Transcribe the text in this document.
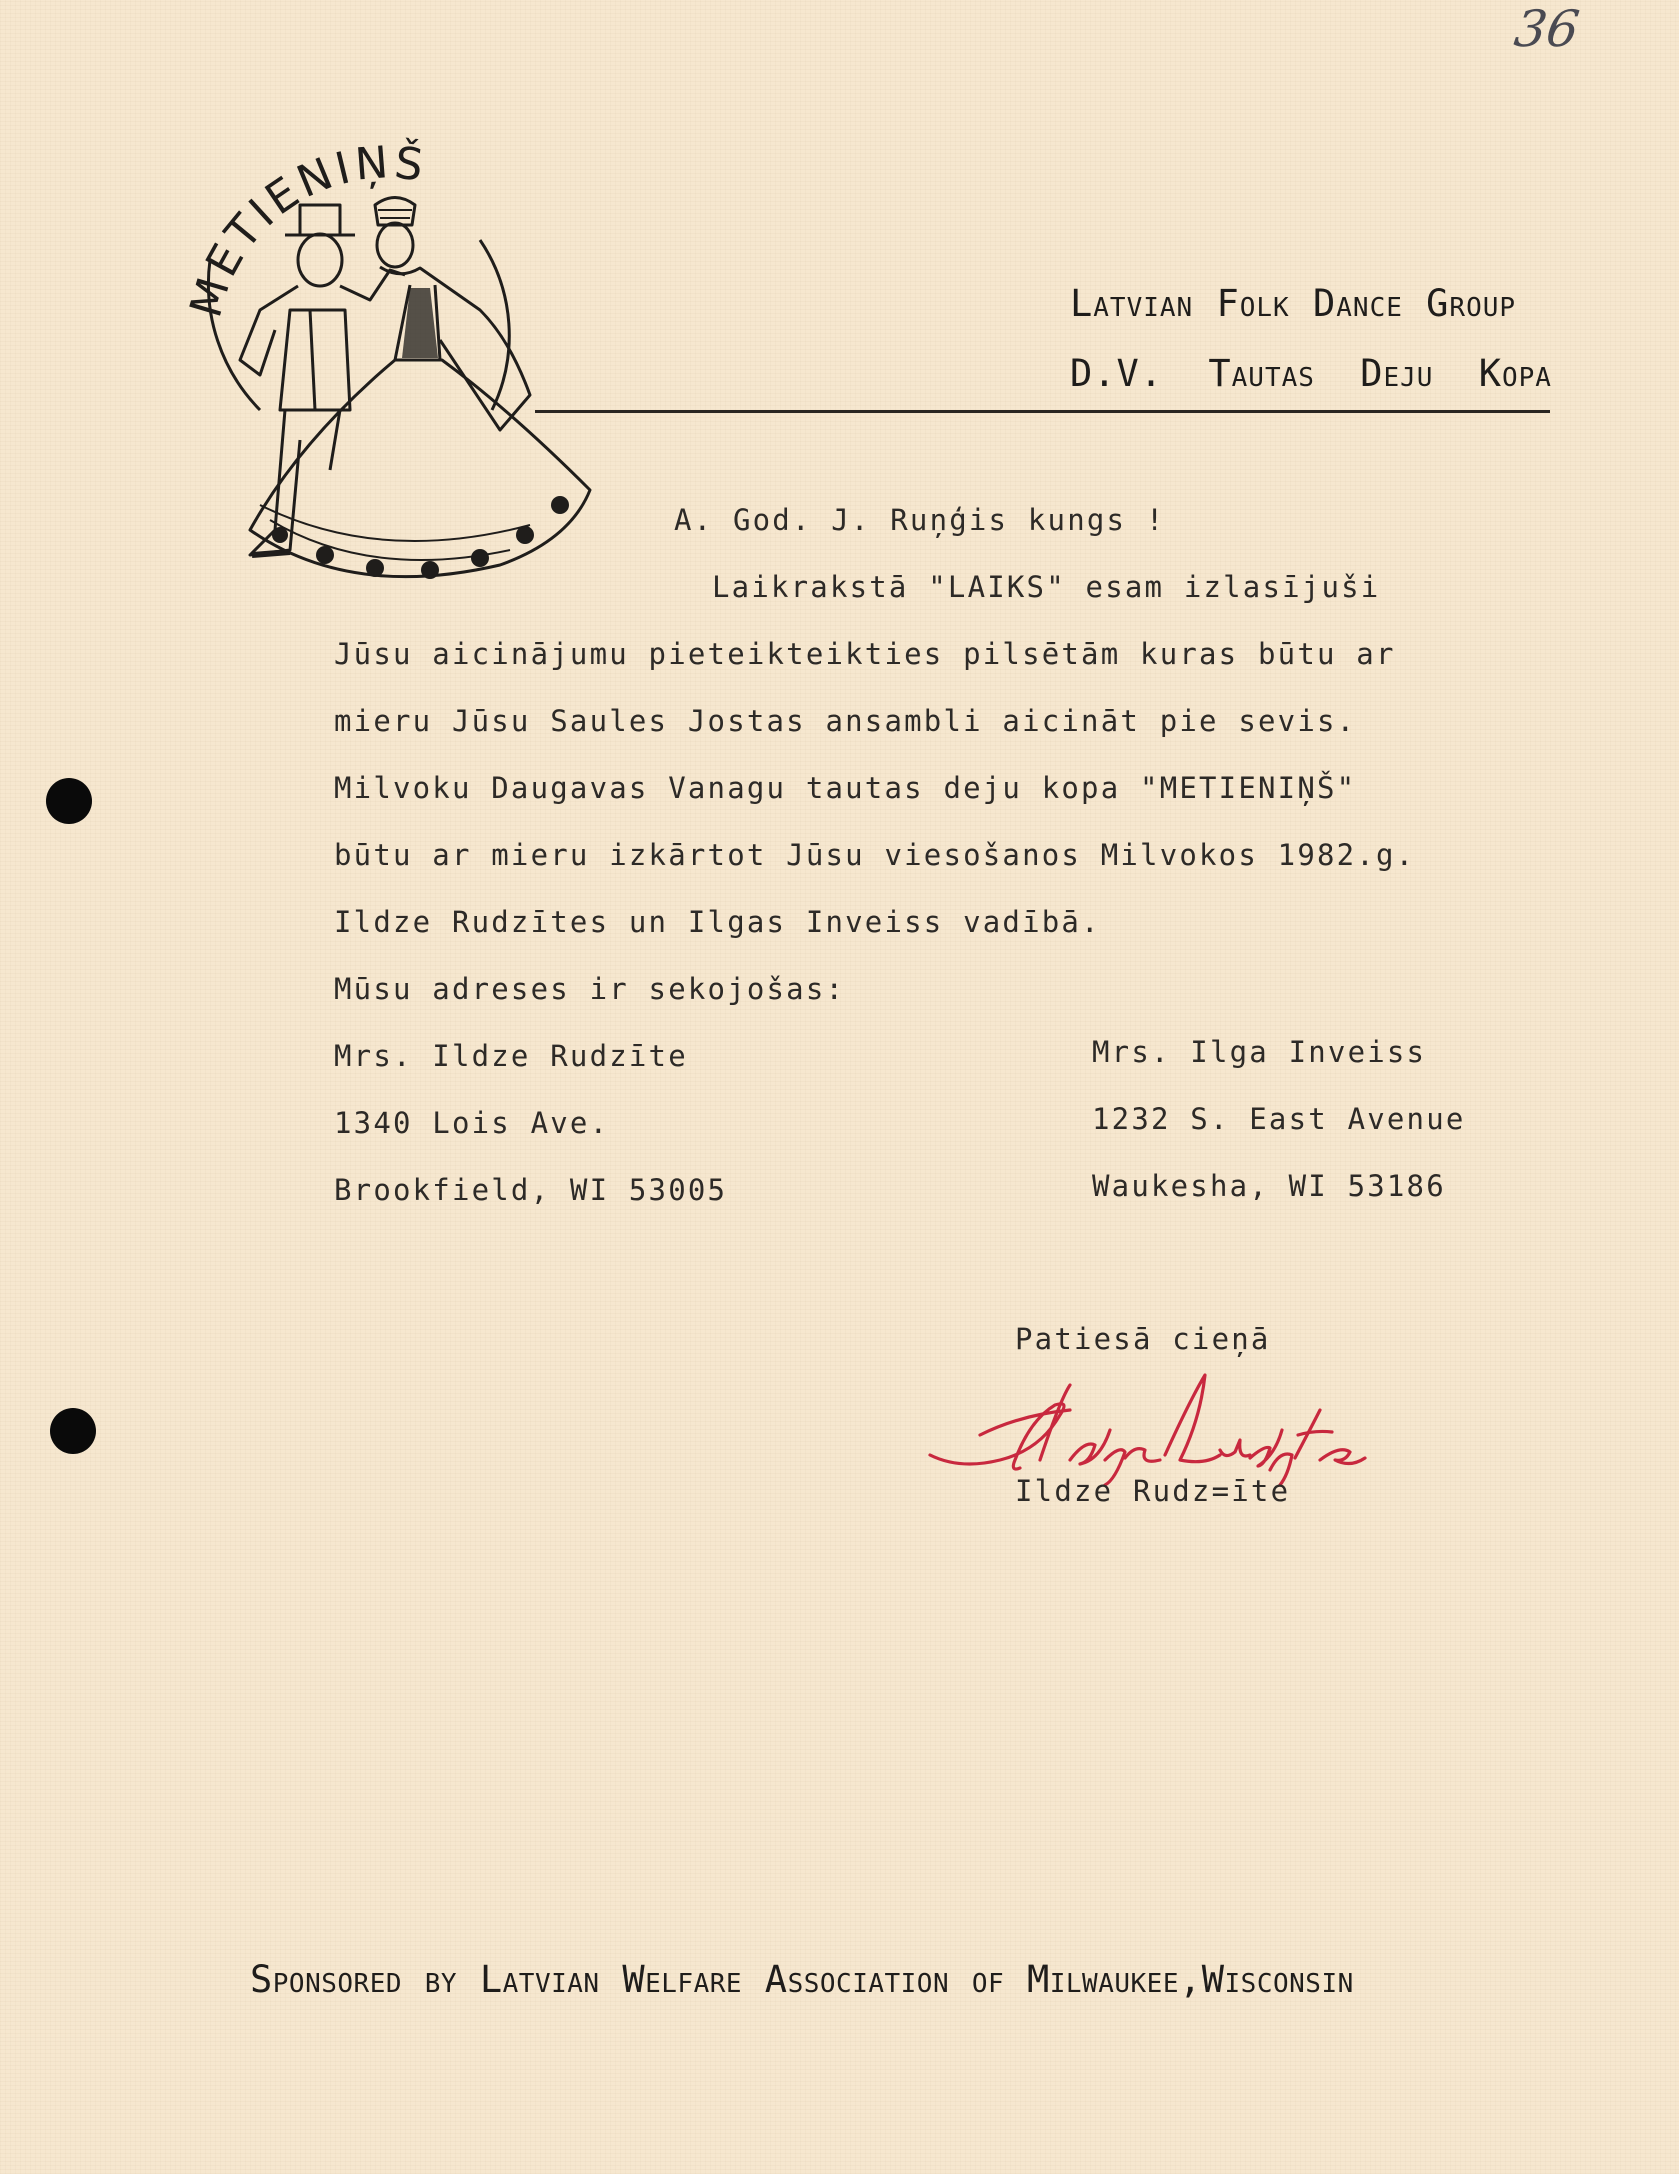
36
METIENIŅŠ
Latvian Folk Dance Group
D.V. Tautas Deju Kopa
A. God. J. Ruņģis kungs !
Laikrakstā "LAIKS" esam izlasījuši
Jūsu aicinājumu pieteikteikties pilsētām kuras būtu ar
mieru Jūsu Saules Jostas ansambli aicināt pie sevis.
Milvoku Daugavas Vanagu tautas deju kopa "METIENIŅŠ"
būtu ar mieru izkārtot Jūsu viesošanos Milvokos 1982.g.
Ildze Rudzītes un Ilgas Inveiss vadībā.
Mūsu adreses ir sekojošas:
Mrs. Ildze Rudzīte
1340 Lois Ave.
Brookfield, WI 53005
Mrs. Ilga Inveiss
1232 S. East Avenue
Waukesha, WI 53186
Patiesā cieņā
Ildze Rudz=īte
Sponsored by Latvian Welfare Association of Milwaukee,Wisconsin
